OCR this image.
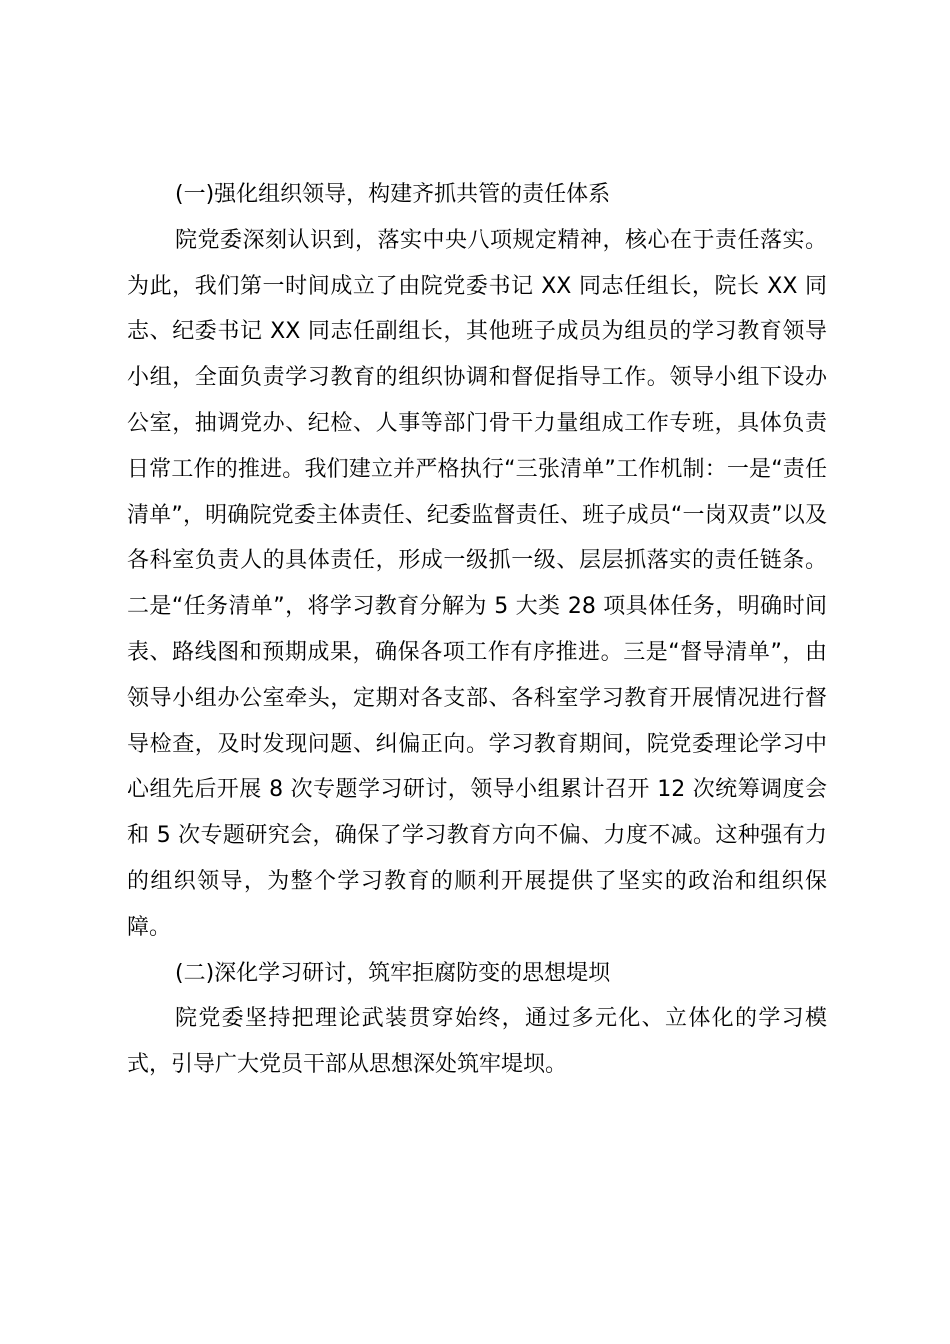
(一)强化组织领导，构建齐抓共管的责任体系

院党委深刻认识到，落实中央八项规定精神，核心在于责任落实。为此，我们第一时间成立了由院党委书记 XX 同志任组长，院长 XX 同志、纪委书记 XX 同志任副组长，其他班子成员为组员的学习教育领导小组，全面负责学习教育的组织协调和督促指导工作。领导小组下设办公室，抽调党办、纪检、人事等部门骨干力量组成工作专班，具体负责日常工作的推进。我们建立并严格执行“三张清单”工作机制：一是“责任清单”，明确院党委主体责任、纪委监督责任、班子成员“一岗双责”以及各科室负责人的具体责任，形成一级抓一级、层层抓落实的责任链条。二是“任务清单”，将学习教育分解为 5 大类 28 项具体任务，明确时间表、路线图和预期成果，确保各项工作有序推进。三是“督导清单”，由领导小组办公室牵头，定期对各支部、各科室学习教育开展情况进行督导检查，及时发现问题、纠偏正向。学习教育期间，院党委理论学习中心组先后开展 8 次专题学习研讨，领导小组累计召开 12 次统筹调度会和 5 次专题研究会，确保了学习教育方向不偏、力度不减。这种强有力的组织领导，为整个学习教育的顺利开展提供了坚实的政治和组织保障。

(二)深化学习研讨，筑牢拒腐防变的思想堤坝

院党委坚持把理论武装贯穿始终，通过多元化、立体化的学习模式，引导广大党员干部从思想深处筑牢堤坝。
